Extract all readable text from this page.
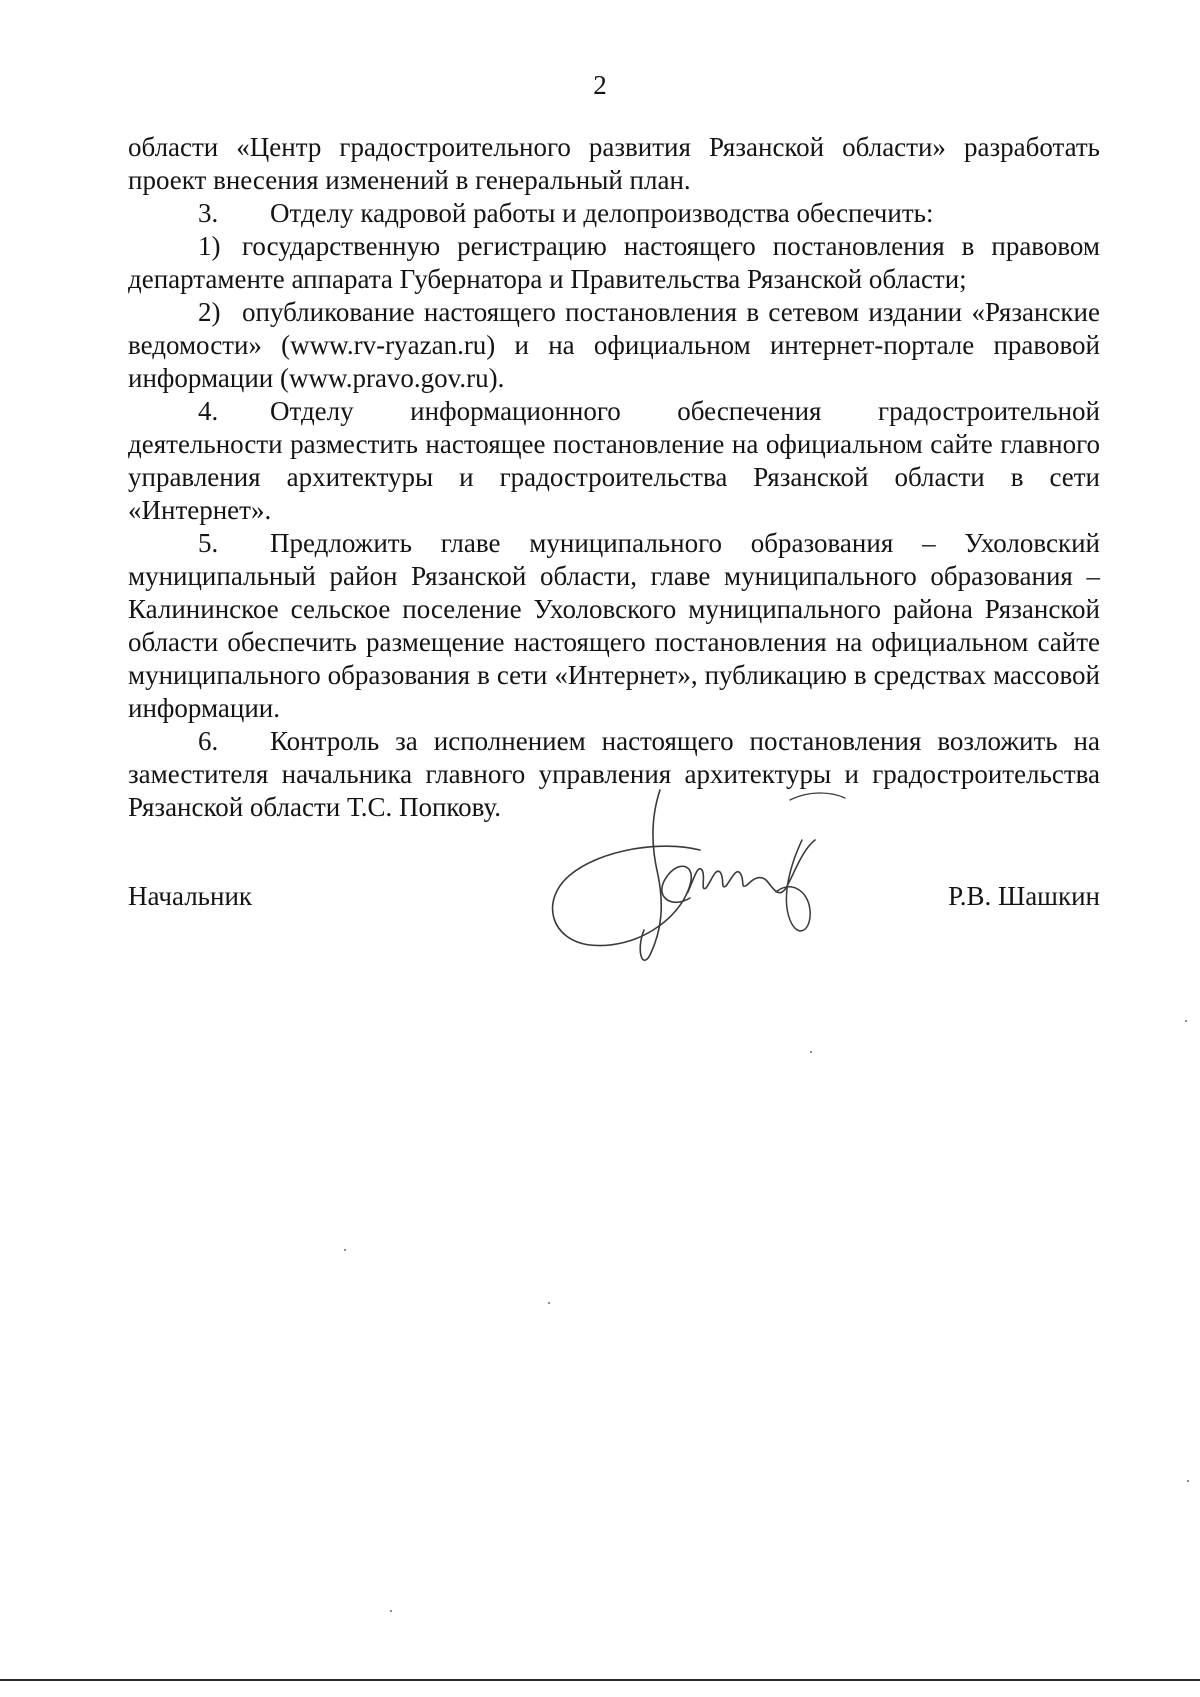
2

области «Центр градостроительного развития Рязанской области» разработать проект внесения изменений в генеральный план.

3. Отделу кадровой работы и делопроизводства обеспечить:

1) государственную регистрацию настоящего постановления в правовом департаменте аппарата Губернатора и Правительства Рязанской области;

2) опубликование настоящего постановления в сетевом издании «Рязанские ведомости» (www.rv-ryazan.ru) и на официальном интернет-портале правовой информации (www.pravo.gov.ru).

4. Отделу информационного обеспечения градостроительной деятельности разместить настоящее постановление на официальном сайте главного управления архитектуры и градостроительства Рязанской области в сети «Интернет».

5. Предложить главе муниципального образования – Ухоловский муниципальный район Рязанской области, главе муниципального образования – Калининское сельское поселение Ухоловского муниципального района Рязанской области обеспечить размещение настоящего постановления на официальном сайте муниципального образования в сети «Интернет», публикацию в средствах массовой информации.

6. Контроль за исполнением настоящего постановления возложить на заместителя начальника главного управления архитектуры и градостроительства Рязанской области Т.С. Попкову.

Начальник	Р.В. Шашкин
